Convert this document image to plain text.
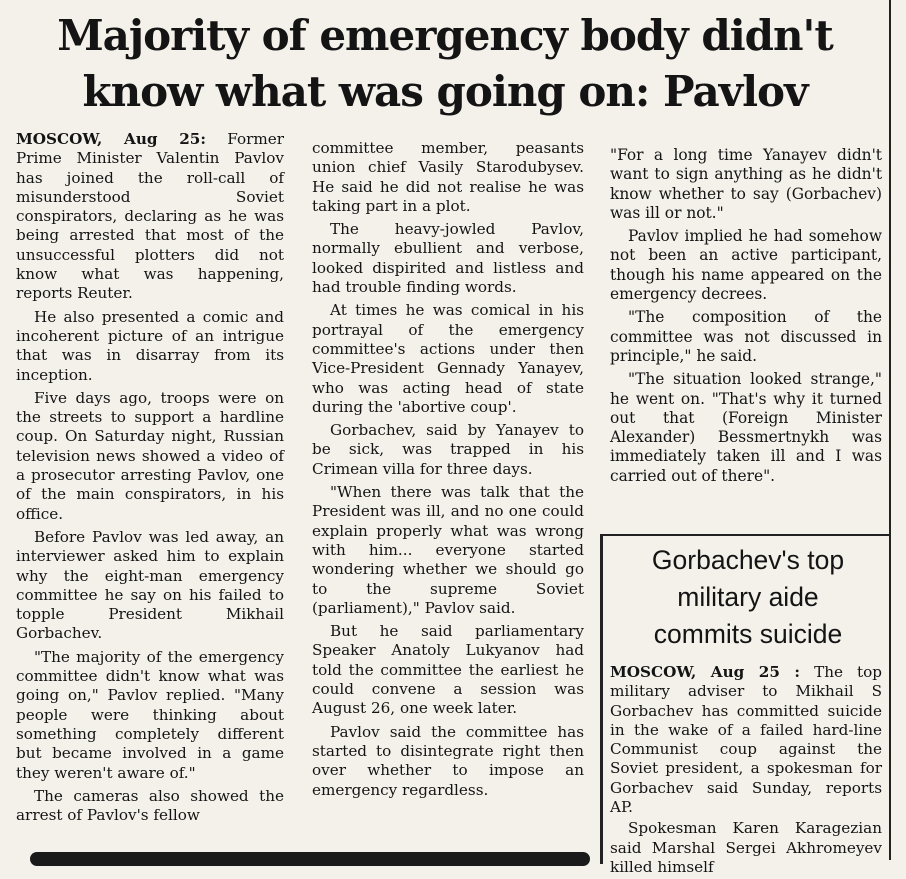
Majority of emergency body didn't
know what was going on: Pavlov

MOSCOW, Aug 25: Former Prime Minister Valentin Pavlov has joined the roll-call of misunderstood Soviet conspirators, declaring as he was being arrested that most of the unsuccessful plotters did not know what was happening, reports Reuter.

He also presented a comic and incoherent picture of an intrigue that was in disarray from its inception.

Five days ago, troops were on the streets to support a hardline coup. On Saturday night, Russian television news showed a video of a prosecutor arresting Pavlov, one of the main conspirators, in his office.

Before Pavlov was led away, an interviewer asked him to explain why the eight-man emergency committee he say on his failed to topple President Mikhail Gorbachev.

"The majority of the emergency committee didn't know what was going on," Pavlov replied. "Many people were thinking about something completely different but became involved in a game they weren't aware of."

The cameras also showed the arrest of Pavlov's fellow

committee member, peasants union chief Vasily Starodubysev. He said he did not realise he was taking part in a plot.

The heavy-jowled Pavlov, normally ebullient and verbose, looked dispirited and listless and had trouble finding words.

At times he was comical in his portrayal of the emergency committee's actions under then Vice-President Gennady Yanayev, who was acting head of state during the 'abortive coup'.

Gorbachev, said by Yanayev to be sick, was trapped in his Crimean villa for three days.

"When there was talk that the President was ill, and no one could explain properly what was wrong with him... everyone started wondering whether we should go to the supreme Soviet (parliament)," Pavlov said.

But he said parliamentary Speaker Anatoly Lukyanov had told the committee the earliest he could convene a session was August 26, one week later.

Pavlov said the committee has started to disintegrate right then over whether to impose an emergency regardless.

"For a long time Yanayev didn't want to sign anything as he didn't know whether to say (Gorbachev) was ill or not."

Pavlov implied he had somehow not been an active participant, though his name appeared on the emergency decrees.

"The composition of the committee was not discussed in principle," he said.

"The situation looked strange," he went on. "That's why it turned out that (Foreign Minister Alexander) Bessmertnykh was immediately taken ill and I was carried out of there".

Gorbachev's top
military aide
commits suicide

MOSCOW, Aug 25 : The top military adviser to Mikhail S Gorbachev has committed suicide in the wake of a failed hard-line Communist coup against the Soviet president, a spokesman for Gorbachev said Sunday, reports AP.

Spokesman Karen Karagezian said Marshal Sergei Akhromeyev killed himself
